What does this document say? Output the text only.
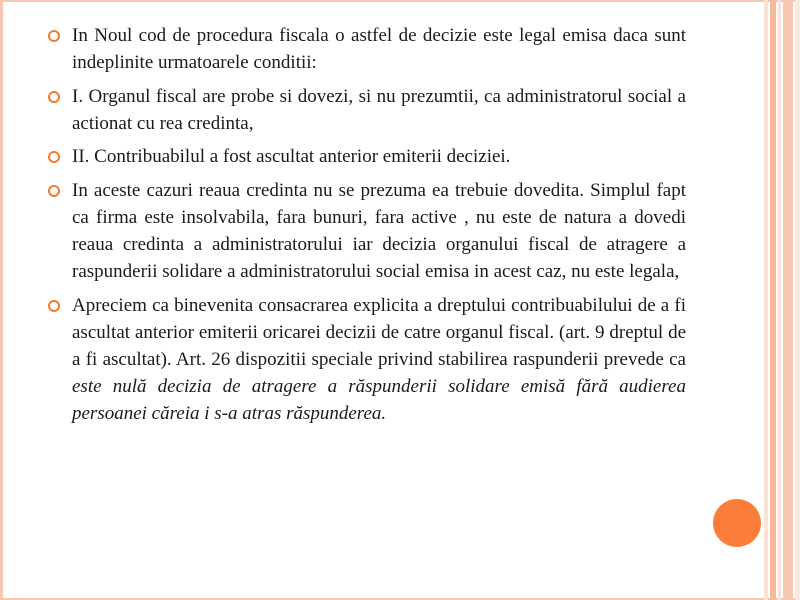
In Noul cod de procedura fiscala o astfel de decizie este legal emisa daca sunt indeplinite urmatoarele conditii:
I. Organul fiscal are probe si dovezi, si nu prezumtii, ca administratorul social a actionat cu rea credinta,
II. Contribuabilul a fost ascultat anterior emiterii deciziei.
In aceste cazuri reaua credinta nu se prezuma ea trebuie dovedita. Simplul fapt ca firma este insolvabila, fara bunuri, fara active , nu este de natura a dovedi reaua credinta a administratorului iar decizia organului fiscal de atragere a raspunderii solidare a administratorului social emisa in acest caz, nu este legala,
Apreciem ca binevenita consacrarea explicita a dreptului contribuabilului de a fi ascultat anterior emiterii oricarei decizii de catre organul fiscal. (art. 9 dreptul de a fi ascultat). Art. 26 dispozitii speciale privind stabilirea raspunderii prevede ca este nulă decizia de atragere a răspunderii solidare emisă fără audierea persoanei căreia i s-a atras răspunderea.
